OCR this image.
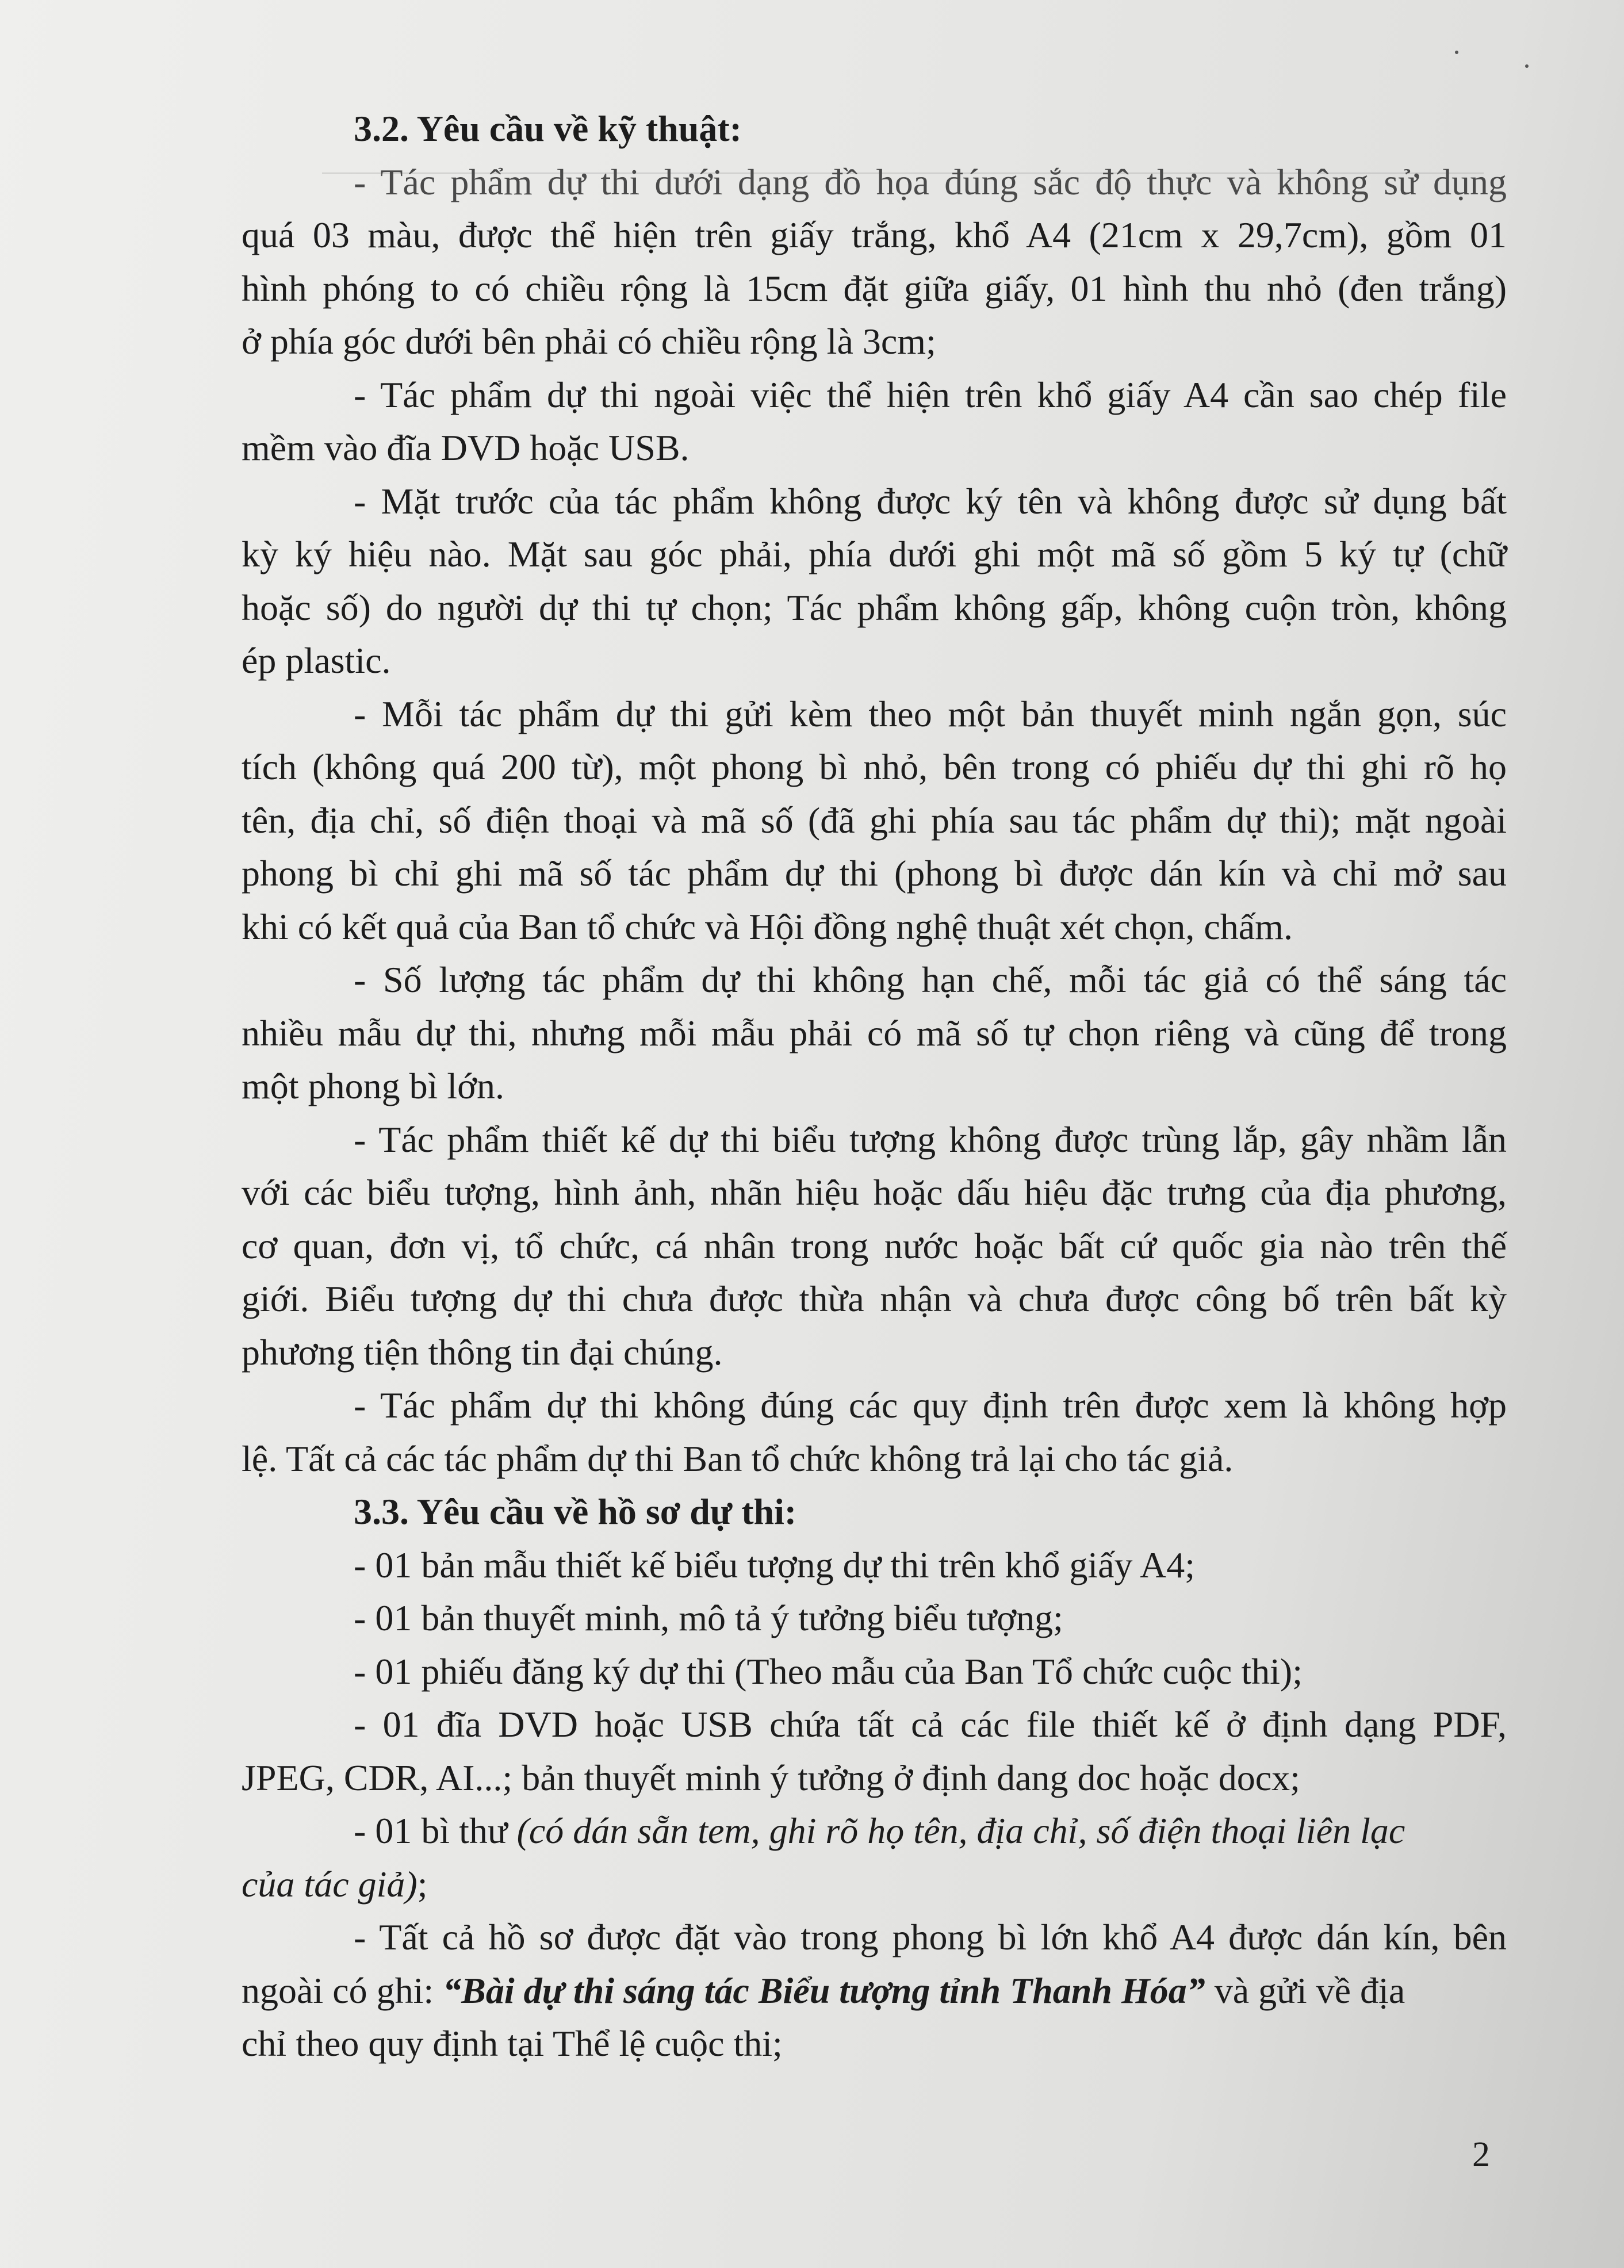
3.2. Yêu cầu về kỹ thuật:
- Tác phẩm dự thi dưới dạng đồ họa đúng sắc độ thực và không sử dụng
quá 03 màu, được thể hiện trên giấy trắng, khổ A4 (21cm x 29,7cm), gồm 01
hình phóng to có chiều rộng là 15cm đặt giữa giấy, 01 hình thu nhỏ (đen trắng)
ở phía góc dưới bên phải có chiều rộng là 3cm;
- Tác phẩm dự thi ngoài việc thể hiện trên khổ giấy A4 cần sao chép file
mềm vào đĩa DVD hoặc USB.
- Mặt trước của tác phẩm không được ký tên và không được sử dụng bất
kỳ ký hiệu nào. Mặt sau góc phải, phía dưới ghi một mã số gồm 5 ký tự (chữ
hoặc số) do người dự thi tự chọn; Tác phẩm không gấp, không cuộn tròn, không
ép plastic.
- Mỗi tác phẩm dự thi gửi kèm theo một bản thuyết minh ngắn gọn, súc
tích (không quá 200 từ), một phong bì nhỏ, bên trong có phiếu dự thi ghi rõ họ
tên, địa chỉ, số điện thoại và mã số (đã ghi phía sau tác phẩm dự thi); mặt ngoài
phong bì chỉ ghi mã số tác phẩm dự thi (phong bì được dán kín và chỉ mở sau
khi có kết quả của Ban tổ chức và Hội đồng nghệ thuật xét chọn, chấm.
- Số lượng tác phẩm dự thi không hạn chế, mỗi tác giả có thể sáng tác
nhiều mẫu dự thi, nhưng mỗi mẫu phải có mã số tự chọn riêng và cũng để trong
một phong bì lớn.
- Tác phẩm thiết kế dự thi biểu tượng không được trùng lắp, gây nhầm lẫn
với các biểu tượng, hình ảnh, nhãn hiệu hoặc dấu hiệu đặc trưng của địa phương,
cơ quan, đơn vị, tổ chức, cá nhân trong nước hoặc bất cứ quốc gia nào trên thế
giới. Biểu tượng dự thi chưa được thừa nhận và chưa được công bố trên bất kỳ
phương tiện thông tin đại chúng.
- Tác phẩm dự thi không đúng các quy định trên được xem là không hợp
lệ. Tất cả các tác phẩm dự thi Ban tổ chức không trả lại cho tác giả.
3.3. Yêu cầu về hồ sơ dự thi:
- 01 bản mẫu thiết kế biểu tượng dự thi trên khổ giấy A4;
- 01 bản thuyết minh, mô tả ý tưởng biểu tượng;
- 01 phiếu đăng ký dự thi (Theo mẫu của Ban Tổ chức cuộc thi);
- 01 đĩa DVD hoặc USB chứa tất cả các file thiết kế ở định dạng PDF,
JPEG, CDR, AI...; bản thuyết minh ý tưởng ở định dang doc hoặc docx;
- 01 bì thư (có dán sẵn tem, ghi rõ họ tên, địa chỉ, số điện thoại liên lạc
của tác giả);
- Tất cả hồ sơ được đặt vào trong phong bì lớn khổ A4 được dán kín, bên
ngoài có ghi: “Bài dự thi sáng tác Biểu tượng tỉnh Thanh Hóa” và gửi về địa
chỉ theo quy định tại Thể lệ cuộc thi;
2
